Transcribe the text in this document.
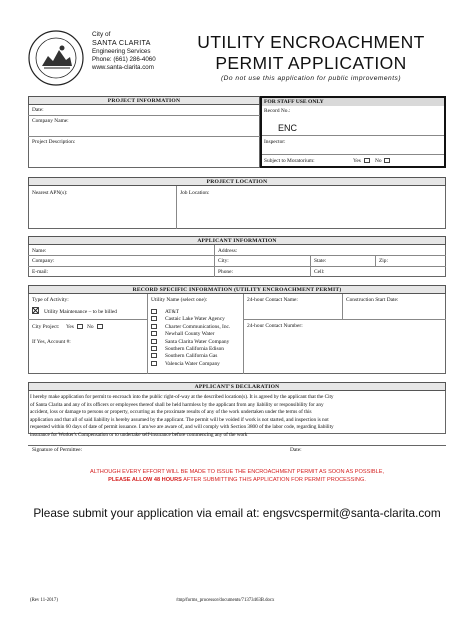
City of
SANTA CLARITA
Engineering Services
Phone: (661) 286-4060
www.santa-clarita.com
UTILITY ENCROACHMENT
PERMIT APPLICATION
(Do not use this application for public improvements)
PROJECT INFORMATION
Date:
Company Name:
Project Description:
FOR STAFF USE ONLY
Record No.:
ENC
Inspector:
Subject to Moratorium:	Yes	No
PROJECT LOCATION
Nearest APN(s):	Job Location:
APPLICANT INFORMATION
Name:	Address:
Company:	City:	State:	Zip:
E-mail:	Phone:	Cell:
RECORD SPECIFIC INFORMATION (UTILITY ENCROACHMENT PERMIT)
Type of Activity:
Utility Maintenance – to be billed
City Project: Yes No
If Yes, Account #:
Utility Name (select one):
AT&T
Castaic Lake Water Agency
Charter Communications, Inc.
Newhall County Water
Santa Clarita Water Company
Southern California Edison
Southern California Gas
Valencia Water Company
24-hour Contact Name:	Construction Start Date:
24-hour Contact Number:
APPLICANT'S DECLARATION
I hereby make application for permit to encroach into the public right-of-way at the described location(s). It is agreed by the applicant that the City
of Santa Clarita and any of its officers or employees thereof shall be held harmless by the applicant from any liability or responsibility for any
accident, loss or damage to persons or property, occurring as the proximate results of any of the work undertaken under the terms of this
application and that all of said liability is hereby assumed by the applicant. The permit will be voided if work is not started, and inspection is not
requested within 60 days of date of permit issuance. I am/we are aware of, and will comply with Section 3800 of the labor code, regarding liability
insurance for Worker's Compensation or to undertake self-insurance before commencing any of the work
Signature of Permittee:	Date:
ALTHOUGH EVERY EFFORT WILL BE MADE TO ISSUE THE ENCROACHMENT PERMIT AS SOON AS POSSIBLE,
PLEASE ALLOW 48 HOURS AFTER SUBMITTING THIS APPLICATION FOR PERMIT PROCESSING.
Please submit your application via email at: engsvcspermit@santa-clarita.com
(Rev 11-2017)	/tmp/forms_processor/documents/71373463B.docx
